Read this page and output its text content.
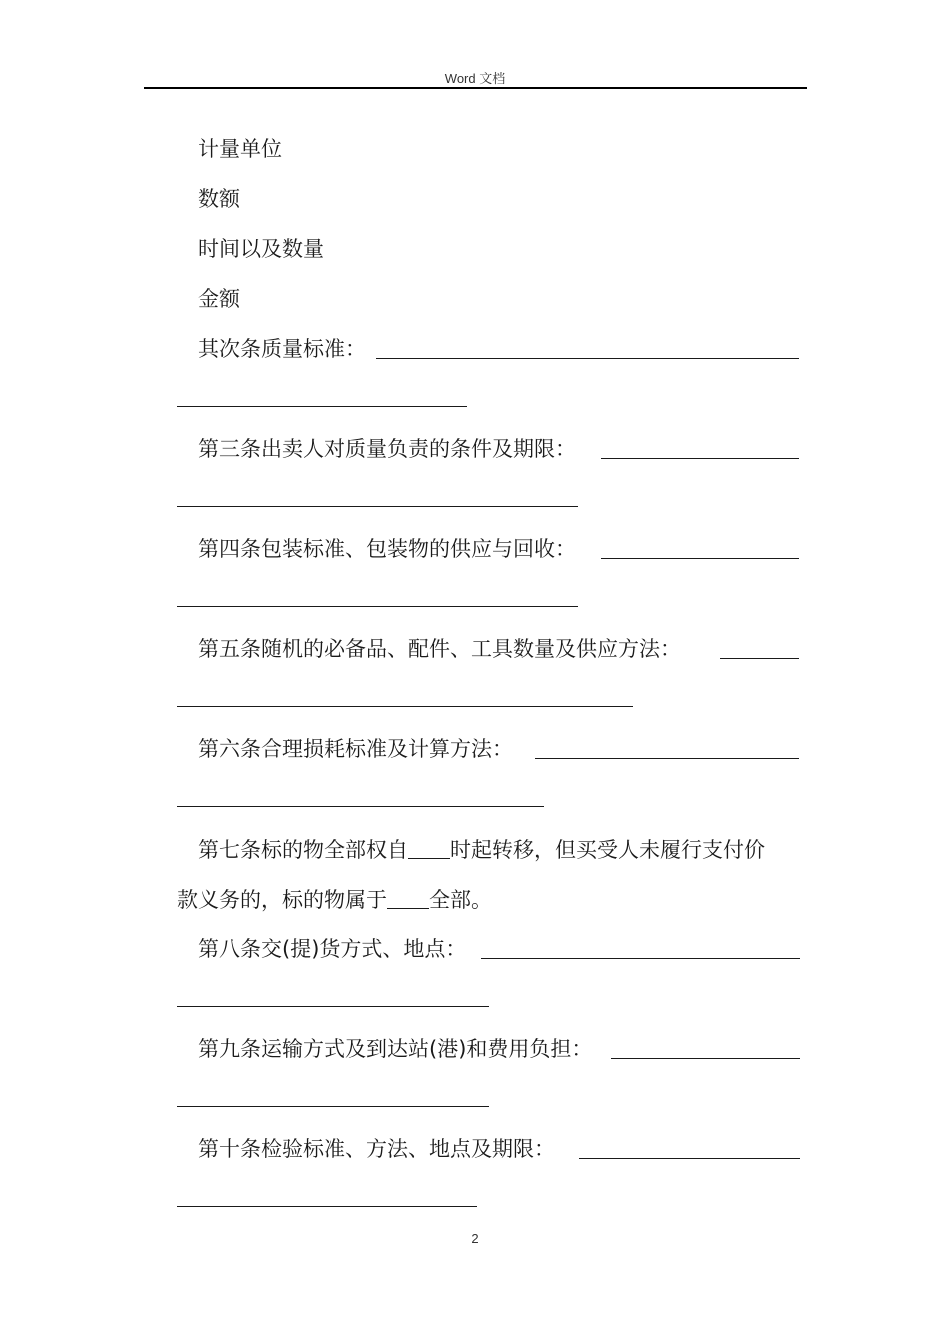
Word 文档
计量单位
数额
时间以及数量
金额
其次条质量标准：
第三条出卖人对质量负责的条件及期限：
第四条包装标准、包装物的供应与回收：
第五条随机的必备品、配件、工具数量及供应方法：
第六条合理损耗标准及计算方法：
第七条标的物全部权自 时起转移，但买受人未履行支付价
款义务的，标的物属于 全部。
第八条交(提)货方式、地点：
第九条运输方式及到达站(港)和费用负担：
第十条检验标准、方法、地点及期限：
2
